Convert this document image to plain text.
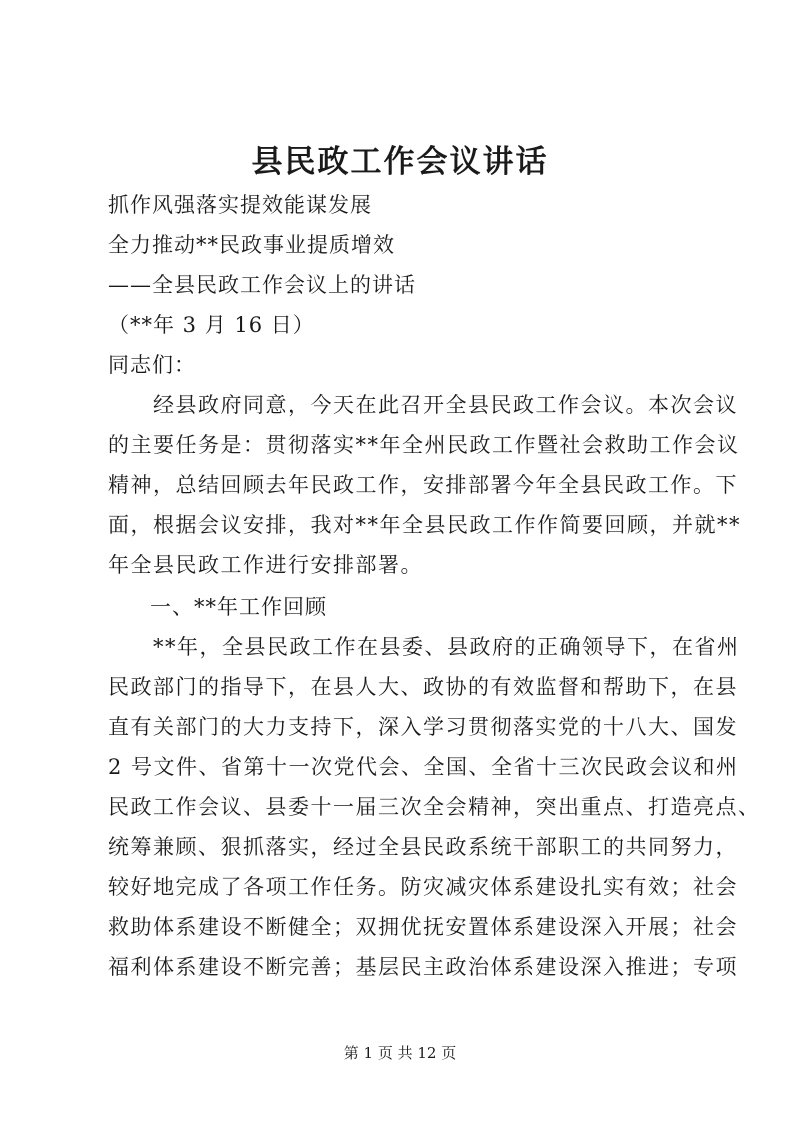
县民政工作会议讲话
抓作风强落实提效能谋发展
全力推动**民政事业提质增效
——全县民政工作会议上的讲话
（**年 3 月 16 日）
同志们：
　　经县政府同意，今天在此召开全县民政工作会议。本次会议
的主要任务是：贯彻落实**年全州民政工作暨社会救助工作会议
精神，总结回顾去年民政工作，安排部署今年全县民政工作。下
面，根据会议安排，我对**年全县民政工作作简要回顾，并就**
年全县民政工作进行安排部署。
一、**年工作回顾
　　**年，全县民政工作在县委、县政府的正确领导下，在省州
民政部门的指导下，在县人大、政协的有效监督和帮助下，在县
直有关部门的大力支持下，深入学习贯彻落实党的十八大、国发
2 号文件、省第十一次党代会、全国、全省十三次民政会议和州
民政工作会议、县委十一届三次全会精神，突出重点、打造亮点、
统筹兼顾、狠抓落实，经过全县民政系统干部职工的共同努力，
较好地完成了各项工作任务。防灾减灾体系建设扎实有效；社会
救助体系建设不断健全；双拥优抚安置体系建设深入开展；社会
福利体系建设不断完善；基层民主政治体系建设深入推进；专项
第 1 页 共 12 页
